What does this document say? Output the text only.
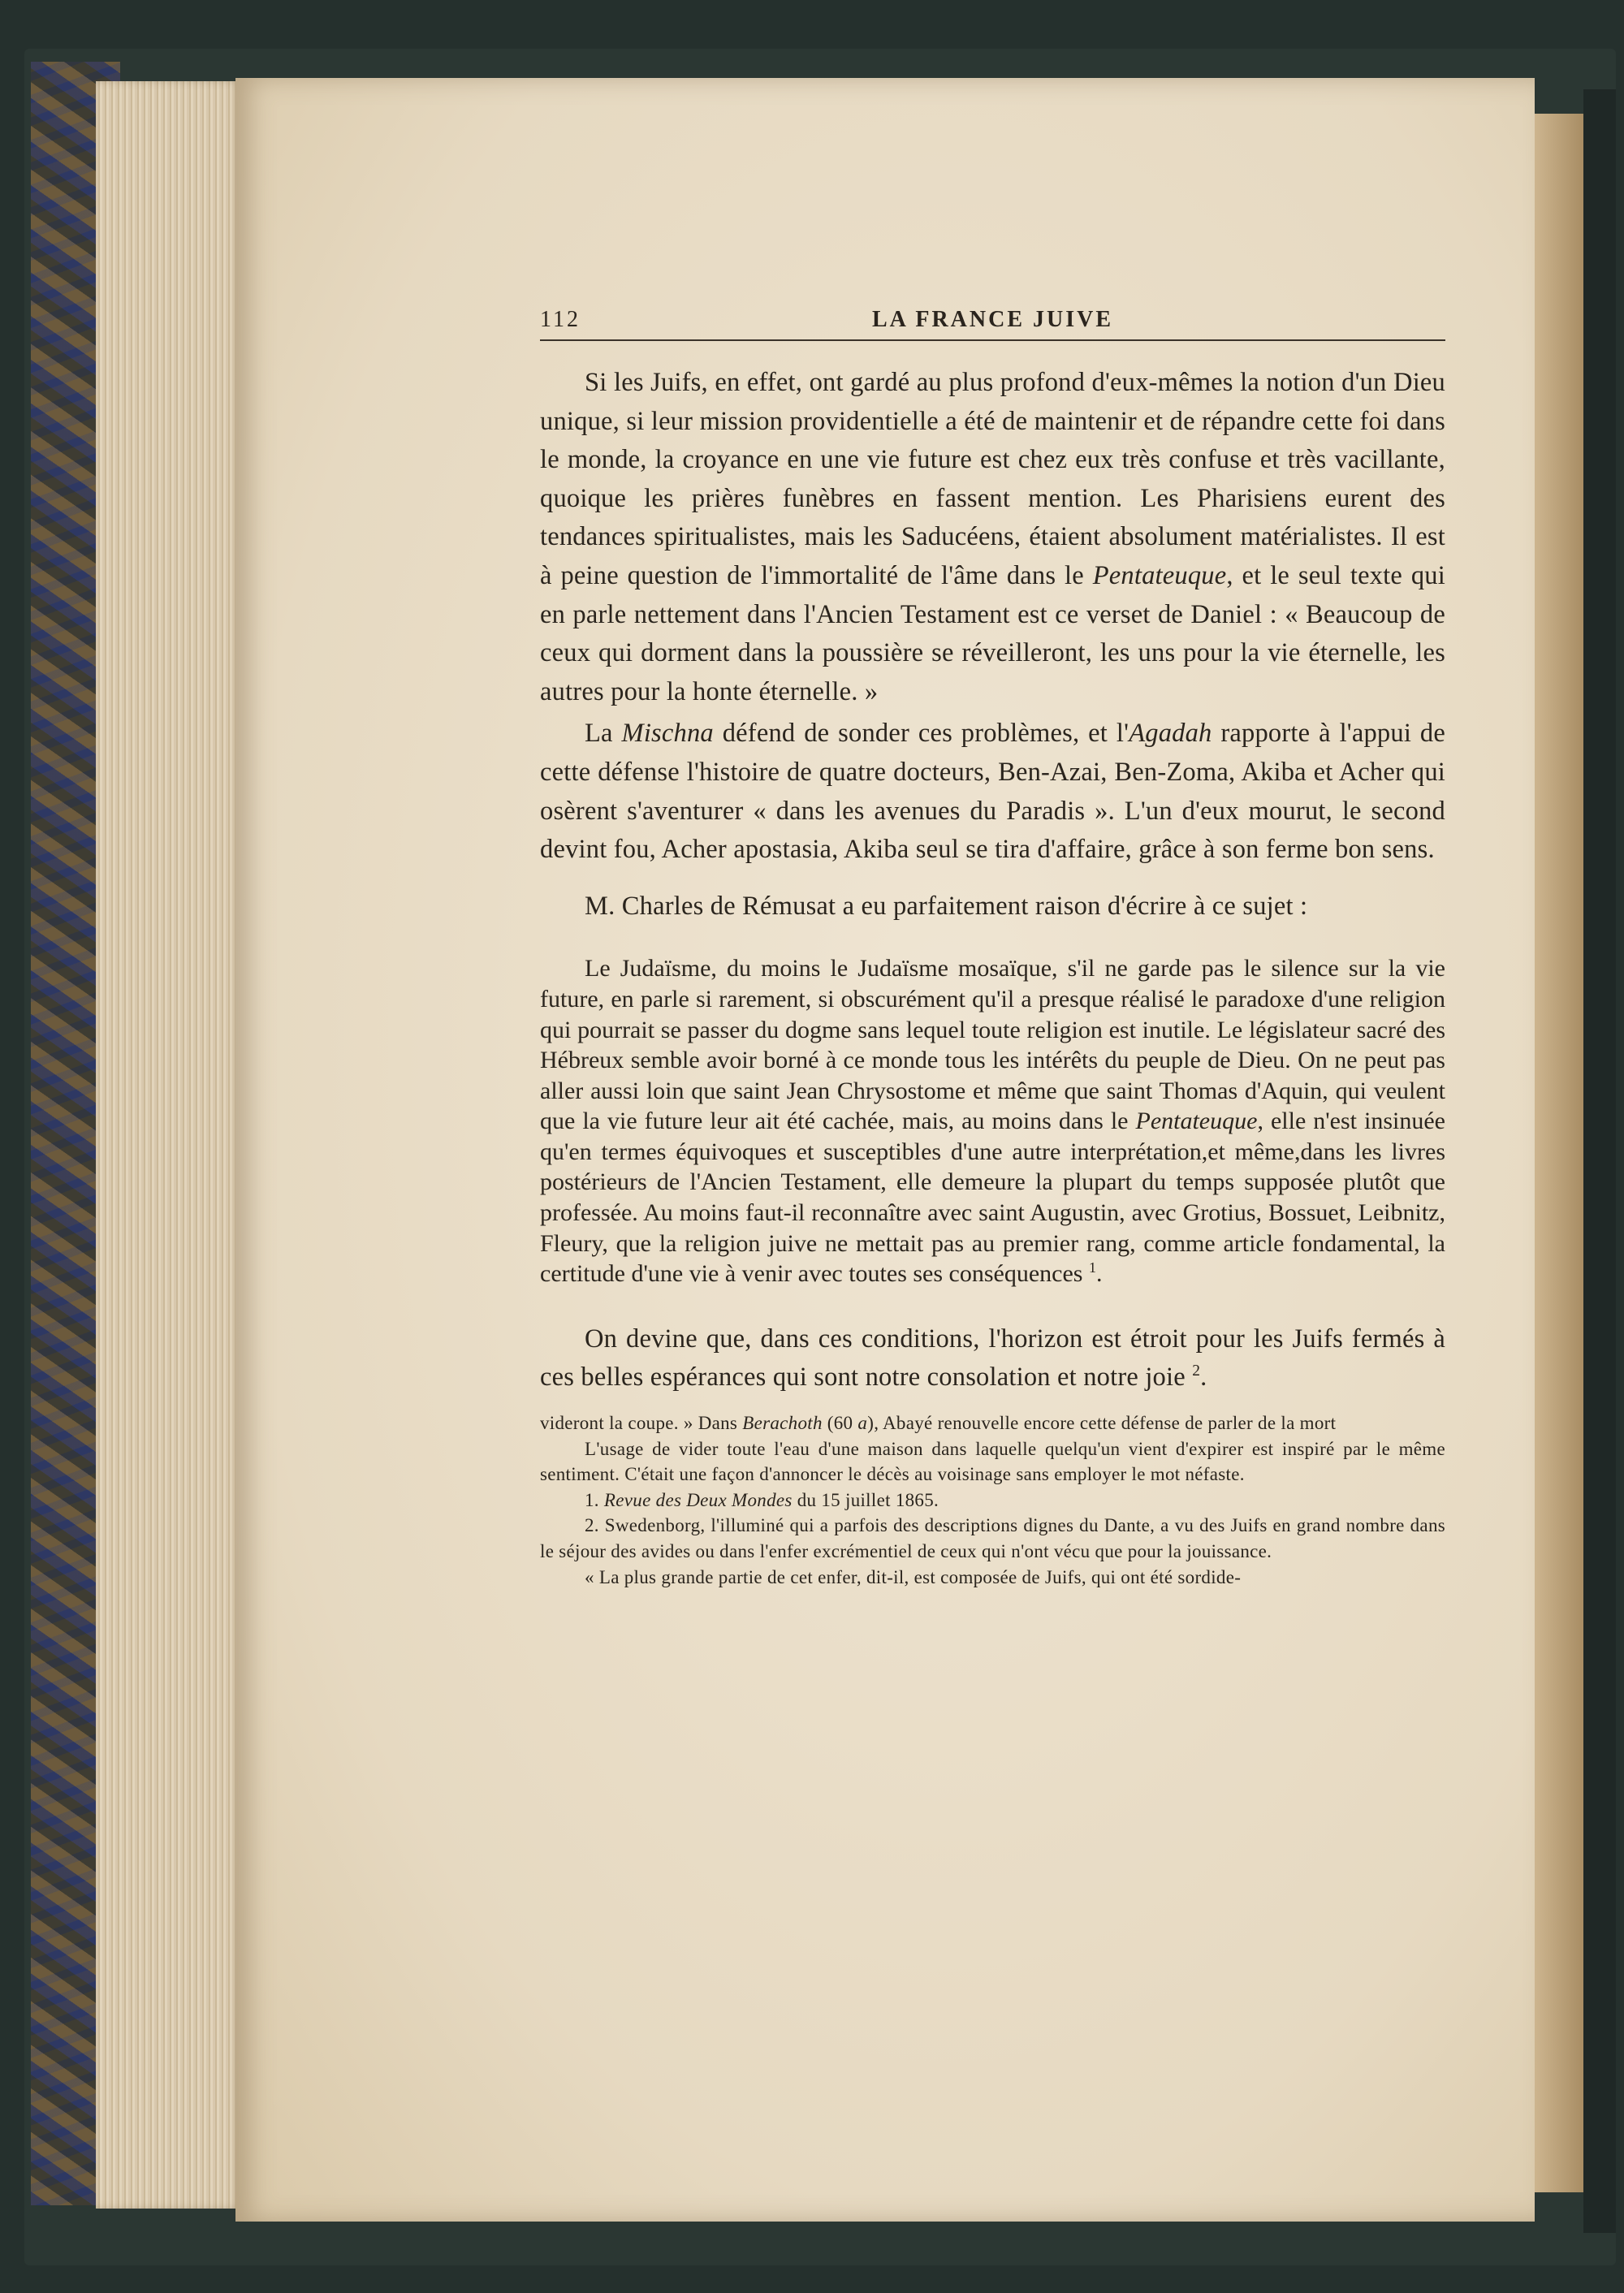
112	LA FRANCE JUIVE

Si les Juifs, en effet, ont gardé au plus profond d'eux-mêmes la notion d'un Dieu unique, si leur mission providentielle a été de maintenir et de répandre cette foi dans le monde, la croyance en une vie future est chez eux très confuse et très vacillante, quoique les prières funèbres en fassent mention. Les Pharisiens eurent des tendances spiritualistes, mais les Saducéens, étaient absolument matérialistes. Il est à peine question de l'immortalité de l'âme dans le Pentateuque, et le seul texte qui en parle nettement dans l'Ancien Testament est ce verset de Daniel : « Beaucoup de ceux qui dorment dans la poussière se réveilleront, les uns pour la vie éternelle, les autres pour la honte éternelle. »

La Mischna défend de sonder ces problèmes, et l'Agadah rapporte à l'appui de cette défense l'histoire de quatre docteurs, Ben-Azai, Ben-Zoma, Akiba et Acher qui osèrent s'aventurer « dans les avenues du Paradis ». L'un d'eux mourut, le second devint fou, Acher apostasia, Akiba seul se tira d'affaire, grâce à son ferme bon sens.

M. Charles de Rémusat a eu parfaitement raison d'écrire à ce sujet :

Le Judaïsme, du moins le Judaïsme mosaïque, s'il ne garde pas le silence sur la vie future, en parle si rarement, si obscurément qu'il a presque réalisé le paradoxe d'une religion qui pourrait se passer du dogme sans lequel toute religion est inutile. Le législateur sacré des Hébreux semble avoir borné à ce monde tous les intérêts du peuple de Dieu. On ne peut pas aller aussi loin que saint Jean Chrysostome et même que saint Thomas d'Aquin, qui veulent que la vie future leur ait été cachée, mais, au moins dans le Pentateuque, elle n'est insinuée qu'en termes équivoques et susceptibles d'une autre interprétation,et même,dans les livres postérieurs de l'Ancien Testament, elle demeure la plupart du temps supposée plutôt que professée. Au moins faut-il reconnaître avec saint Augustin, avec Grotius, Bossuet, Leibnitz, Fleury, que la religion juive ne mettait pas au premier rang, comme article fondamental, la certitude d'une vie à venir avec toutes ses conséquences $^1$.

On devine que, dans ces conditions, l'horizon est étroit pour les Juifs fermés à ces belles espérances qui sont notre consolation et notre joie $^2$.

videront la coupe. » Dans Berachoth (60 a), Abayé renouvelle encore cette défense de parler de la mort

L'usage de vider toute l'eau d'une maison dans laquelle quelqu'un vient d'expirer est inspiré par le même sentiment. C'était une façon d'annoncer le décès au voisinage sans employer le mot néfaste.

1. Revue des Deux Mondes du 15 juillet 1865.

2. Swedenborg, l'illuminé qui a parfois des descriptions dignes du Dante, a vu des Juifs en grand nombre dans le séjour des avides ou dans l'enfer excrémentiel de ceux qui n'ont vécu que pour la jouissance.

« La plus grande partie de cet enfer, dit-il, est composée de Juifs, qui ont été sordide-
